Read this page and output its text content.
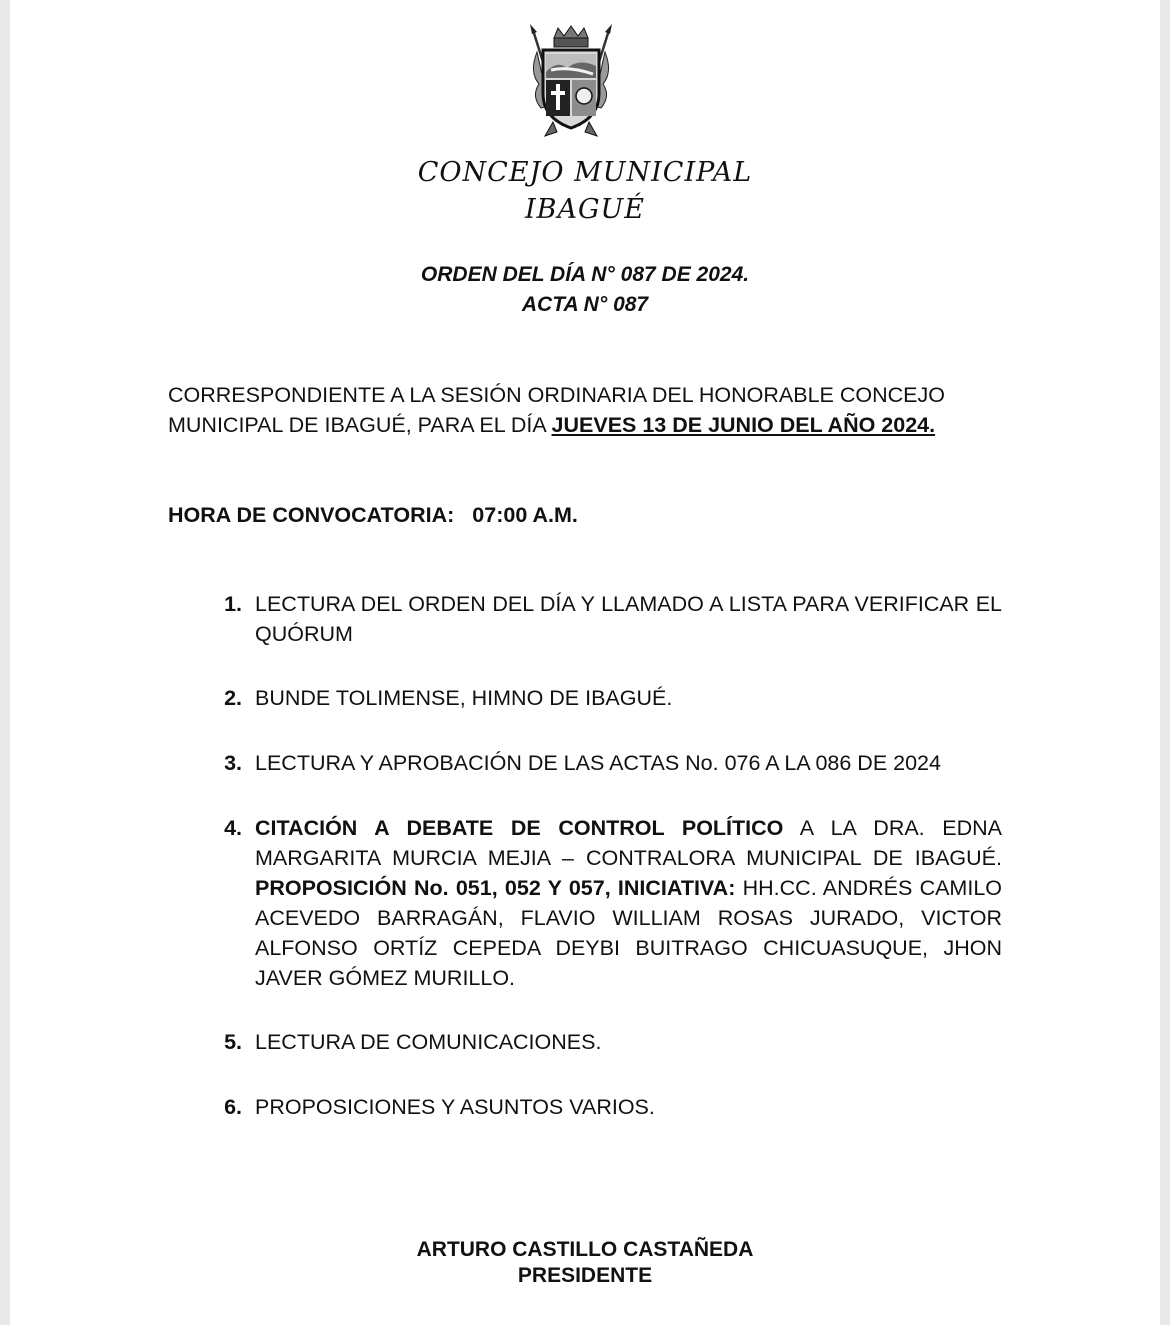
CONCEJO MUNICIPAL
IBAGUÉ
ORDEN DEL DÍA N° 087 DE 2024.
ACTA N° 087
CORRESPONDIENTE A LA SESIÓN ORDINARIA DEL HONORABLE CONCEJO MUNICIPAL DE IBAGUÉ, PARA EL DÍA JUEVES 13 DE JUNIO DEL AÑO 2024.
HORA DE CONVOCATORIA: 07:00 A.M.
1. LECTURA DEL ORDEN DEL DÍA Y LLAMADO A LISTA PARA VERIFICAR EL QUÓRUM
2. BUNDE TOLIMENSE, HIMNO DE IBAGUÉ.
3. LECTURA Y APROBACIÓN DE LAS ACTAS No. 076 A LA 086 DE 2024
4. CITACIÓN A DEBATE DE CONTROL POLÍTICO A LA DRA. EDNA MARGARITA MURCIA MEJIA – CONTRALORA MUNICIPAL DE IBAGUÉ. PROPOSICIÓN No. 051, 052 Y 057, INICIATIVA: HH.CC. ANDRÉS CAMILO ACEVEDO BARRAGÁN, FLAVIO WILLIAM ROSAS JURADO, VICTOR ALFONSO ORTÍZ CEPEDA DEYBI BUITRAGO CHICUASUQUE, JHON JAVER GÓMEZ MURILLO.
5. LECTURA DE COMUNICACIONES.
6. PROPOSICIONES Y ASUNTOS VARIOS.
ARTURO CASTILLO CASTAÑEDA
PRESIDENTE
